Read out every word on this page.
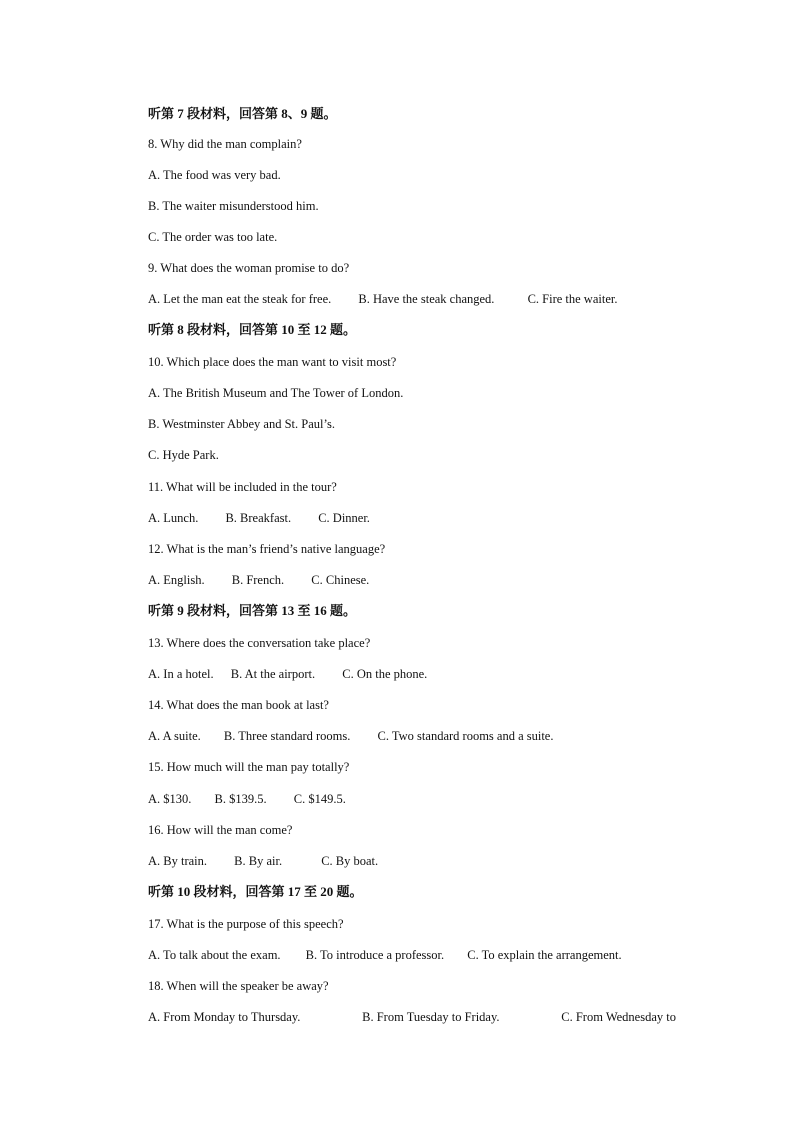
听第 7 段材料，回答第 8、9 题。
8. Why did the man complain?
A. The food was very bad.
B. The waiter misunderstood him.
C. The order was too late.
9. What does the woman promise to do?
A. Let the man eat the steak for free. B. Have the steak changed.	C. Fire the waiter.
听第 8 段材料，回答第 10 至 12 题。
10. Which place does the man want to visit most?
A. The British Museum and The Tower of London.
B. Westminster Abbey and St. Paul’s.
C. Hyde Park.
11. What will be included in the tour?
A. Lunch. B. Breakfast. C. Dinner.
12. What is the man’s friend’s native language?
A. English. B. French. C. Chinese.
听第 9 段材料，回答第 13 至 16 题。
13. Where does the conversation take place?
A. In a hotel. B. At the airport. C. On the phone.
14. What does the man book at last?
A. A suite. B. Three standard rooms. C. Two standard rooms and a suite.
15. How much will the man pay totally?
A. $130. B. $139.5. C. $149.5.
16. How will the man come?
A. By train. B. By air.	C. By boat.
听第 10 段材料，回答第 17 至 20 题。
17. What is the purpose of this speech?
A. To talk about the exam. B. To introduce a professor. C. To explain the arrangement.
18. When will the speaker be away?
A. From Monday to Thursday.	B. From Tuesday to Friday.	C. From Wednesday to
